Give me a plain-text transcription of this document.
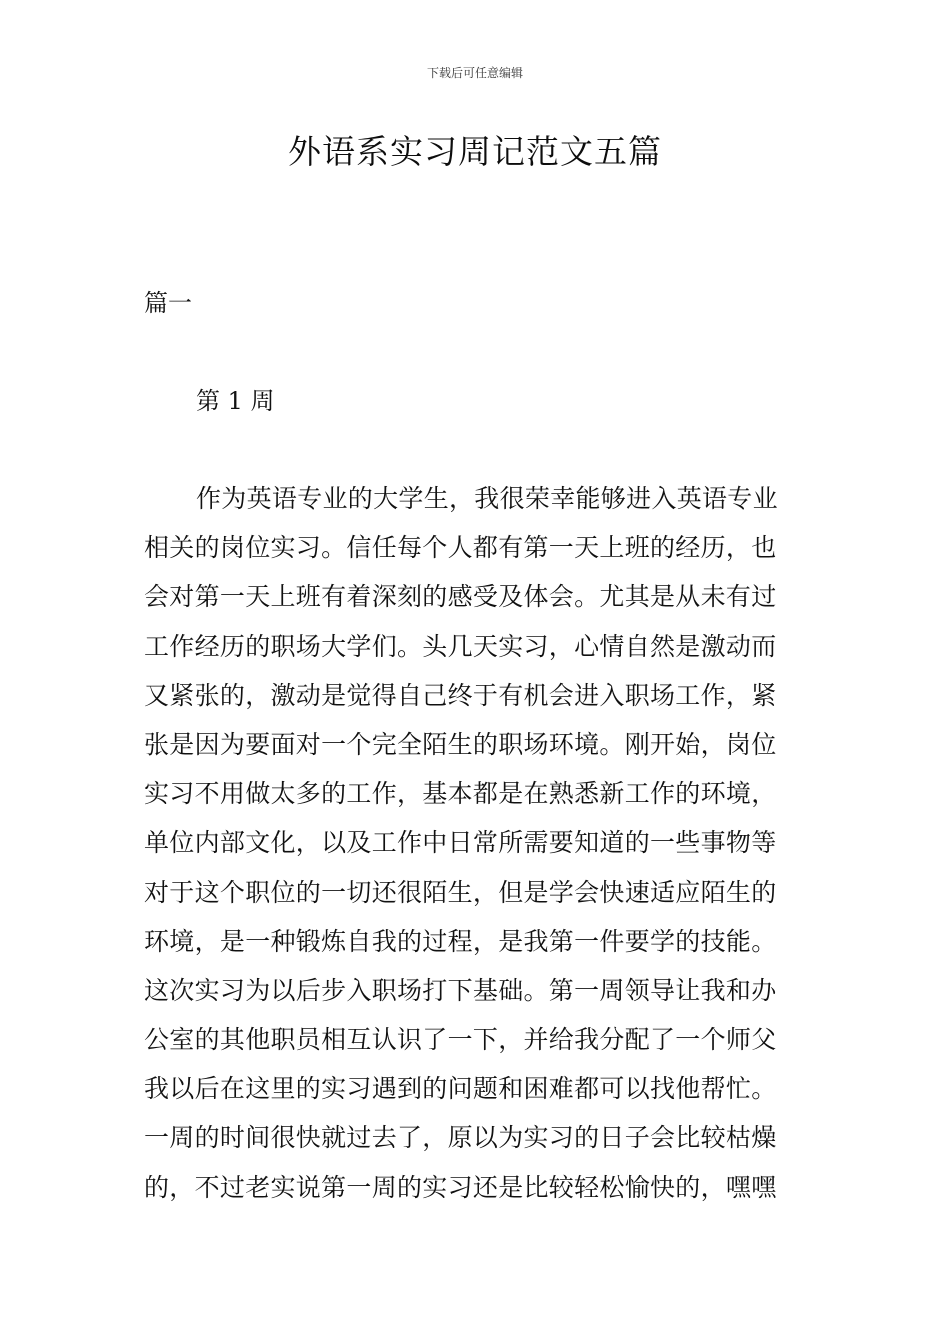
下载后可任意编辑
外语系实习周记范文五篇
篇一
第 1 周
作为英语专业的大学生，我很荣幸能够进入英语专业
相关的岗位实习。信任每个人都有第一天上班的经历，也
会对第一天上班有着深刻的感受及体会。尤其是从未有过
工作经历的职场大学们。头几天实习，心情自然是激动而
又紧张的，激动是觉得自己终于有机会进入职场工作，紧
张是因为要面对一个完全陌生的职场环境。刚开始，岗位
实习不用做太多的工作，基本都是在熟悉新工作的环境，
单位内部文化，以及工作中日常所需要知道的一些事物等
对于这个职位的一切还很陌生，但是学会快速适应陌生的
环境，是一种锻炼自我的过程，是我第一件要学的技能。
这次实习为以后步入职场打下基础。第一周领导让我和办
公室的其他职员相互认识了一下，并给我分配了一个师父
我以后在这里的实习遇到的问题和困难都可以找他帮忙。
一周的时间很快就过去了，原以为实习的日子会比较枯燥
的，不过老实说第一周的实习还是比较轻松愉快的，嘿嘿
